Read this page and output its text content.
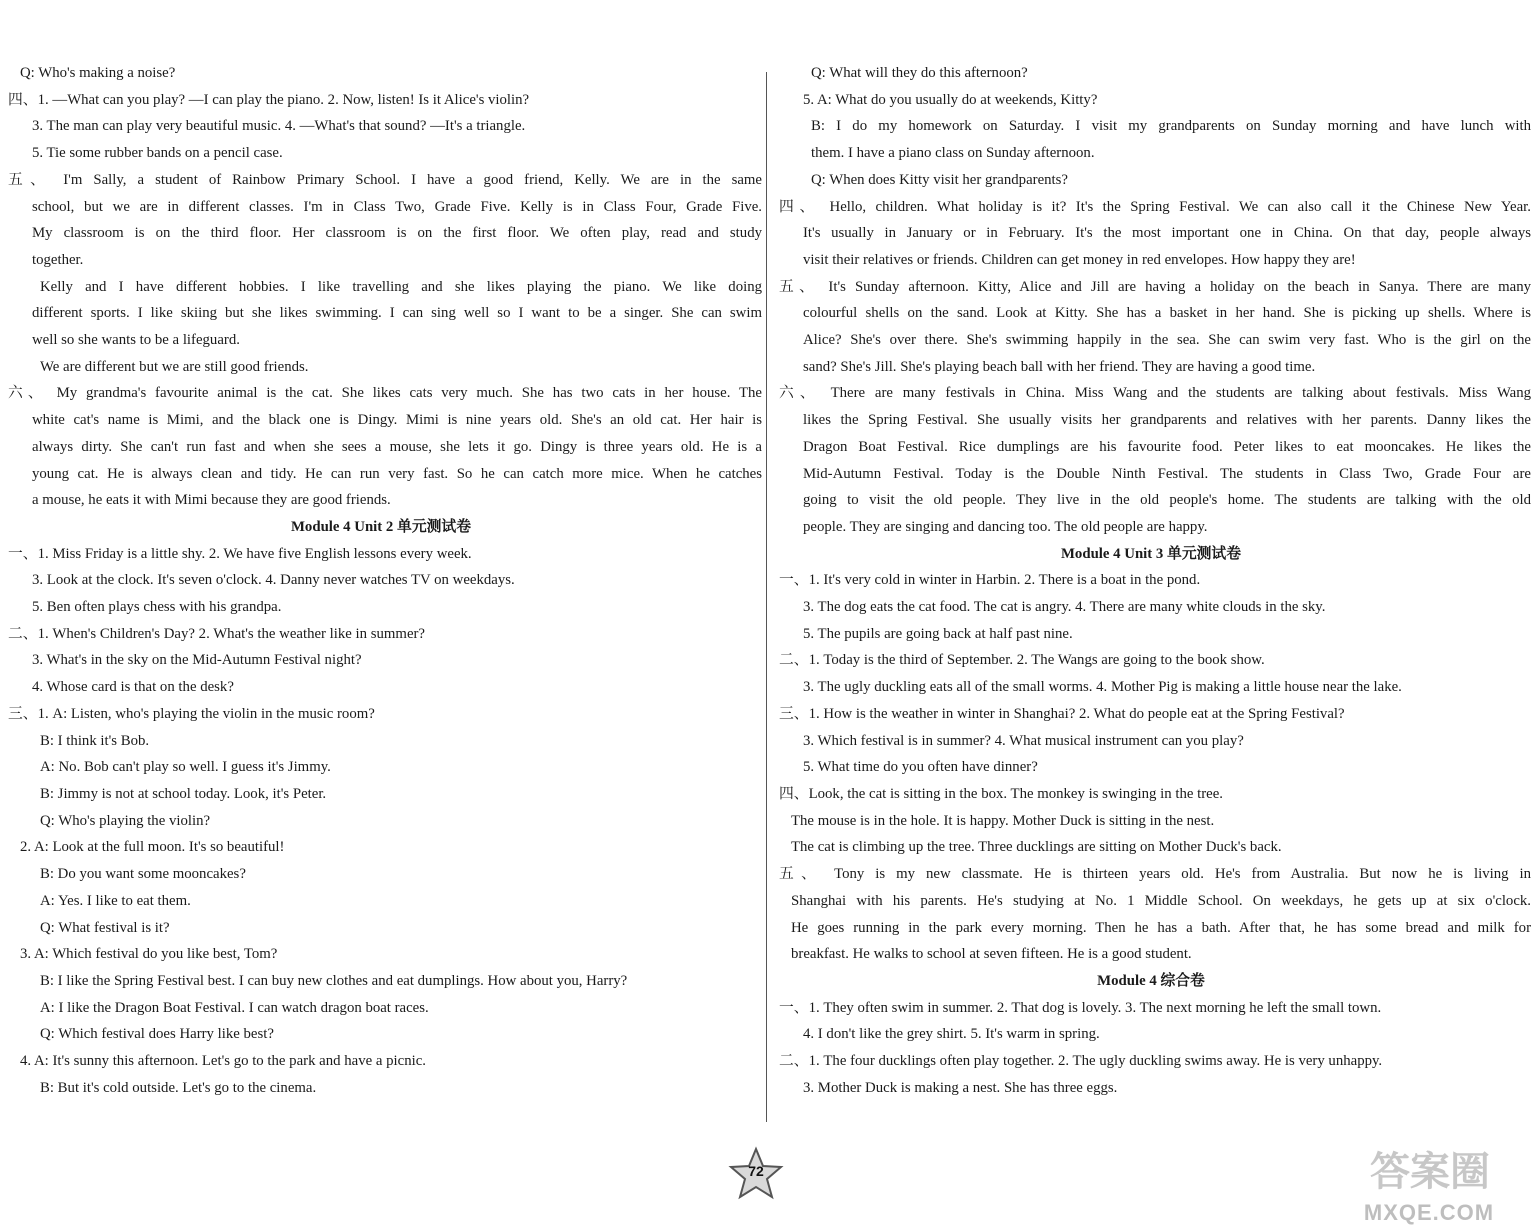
Q: Who's making a noise?
四、1. —What can you play? —I can play the piano. 2. Now, listen! Is it Alice's violin?
3. The man can play very beautiful music. 4. —What's that sound? —It's a triangle.
5. Tie some rubber bands on a pencil case.
五、 I'm Sally, a student of Rainbow Primary School. I have a good friend, Kelly. We are in the same
school, but we are in different classes. I'm in Class Two, Grade Five. Kelly is in Class Four, Grade Five.
My classroom is on the third floor. Her classroom is on the first floor. We often play, read and study
together.
Kelly and I have different hobbies. I like travelling and she likes playing the piano. We like doing
different sports. I like skiing but she likes swimming. I can sing well so I want to be a singer. She can swim
well so she wants to be a lifeguard.
We are different but we are still good friends.
六、 My grandma's favourite animal is the cat. She likes cats very much. She has two cats in her house. The
white cat's name is Mimi, and the black one is Dingy. Mimi is nine years old. She's an old cat. Her hair is
always dirty. She can't run fast and when she sees a mouse, she lets it go. Dingy is three years old. He is a
young cat. He is always clean and tidy. He can run very fast. So he can catch more mice. When he catches
a mouse, he eats it with Mimi because they are good friends.
Module 4 Unit 2 单元测试卷
一、1. Miss Friday is a little shy. 2. We have five English lessons every week.
3. Look at the clock. It's seven o'clock. 4. Danny never watches TV on weekdays.
5. Ben often plays chess with his grandpa.
二、1. When's Children's Day? 2. What's the weather like in summer?
3. What's in the sky on the Mid-Autumn Festival night?
4. Whose card is that on the desk?
三、1. A: Listen, who's playing the violin in the music room?
B: I think it's Bob.
A: No. Bob can't play so well. I guess it's Jimmy.
B: Jimmy is not at school today. Look, it's Peter.
Q: Who's playing the violin?
2. A: Look at the full moon. It's so beautiful!
B: Do you want some mooncakes?
A: Yes. I like to eat them.
Q: What festival is it?
3. A: Which festival do you like best, Tom?
B: I like the Spring Festival best. I can buy new clothes and eat dumplings. How about you, Harry?
A: I like the Dragon Boat Festival. I can watch dragon boat races.
Q: Which festival does Harry like best?
4. A: It's sunny this afternoon. Let's go to the park and have a picnic.
B: But it's cold outside. Let's go to the cinema.
Q: What will they do this afternoon?
5. A: What do you usually do at weekends, Kitty?
B: I do my homework on Saturday. I visit my grandparents on Sunday morning and have lunch with
them. I have a piano class on Sunday afternoon.
Q: When does Kitty visit her grandparents?
四、 Hello, children. What holiday is it? It's the Spring Festival. We can also call it the Chinese New Year.
It's usually in January or in February. It's the most important one in China. On that day, people always
visit their relatives or friends. Children can get money in red envelopes. How happy they are!
五、 It's Sunday afternoon. Kitty, Alice and Jill are having a holiday on the beach in Sanya. There are many
colourful shells on the sand. Look at Kitty. She has a basket in her hand. She is picking up shells. Where is
Alice? She's over there. She's swimming happily in the sea. She can swim very fast. Who is the girl on the
sand? She's Jill. She's playing beach ball with her friend. They are having a good time.
六、 There are many festivals in China. Miss Wang and the students are talking about festivals. Miss Wang
likes the Spring Festival. She usually visits her grandparents and relatives with her parents. Danny likes the
Dragon Boat Festival. Rice dumplings are his favourite food. Peter likes to eat mooncakes. He likes the
Mid-Autumn Festival. Today is the Double Ninth Festival. The students in Class Two, Grade Four are
going to visit the old people. They live in the old people's home. The students are talking with the old
people. They are singing and dancing too. The old people are happy.
Module 4 Unit 3 单元测试卷
一、1. It's very cold in winter in Harbin. 2. There is a boat in the pond.
3. The dog eats the cat food. The cat is angry. 4. There are many white clouds in the sky.
5. The pupils are going back at half past nine.
二、1. Today is the third of September. 2. The Wangs are going to the book show.
3. The ugly duckling eats all of the small worms. 4. Mother Pig is making a little house near the lake.
三、1. How is the weather in winter in Shanghai? 2. What do people eat at the Spring Festival?
3. Which festival is in summer? 4. What musical instrument can you play?
5. What time do you often have dinner?
四、Look, the cat is sitting in the box. The monkey is swinging in the tree.
The mouse is in the hole. It is happy. Mother Duck is sitting in the nest.
The cat is climbing up the tree. Three ducklings are sitting on Mother Duck's back.
五、 Tony is my new classmate. He is thirteen years old. He's from Australia. But now he is living in
Shanghai with his parents. He's studying at No. 1 Middle School. On weekdays, he gets up at six o'clock.
He goes running in the park every morning. Then he has a bath. After that, he has some bread and milk for
breakfast. He walks to school at seven fifteen. He is a good student.
Module 4 综合卷
一、1. They often swim in summer. 2. That dog is lovely. 3. The next morning he left the small town.
4. I don't like the grey shirt. 5. It's warm in spring.
二、1. The four ducklings often play together. 2. The ugly duckling swims away. He is very unhappy.
3. Mother Duck is making a nest. She has three eggs.
72	答案圈
MXQE.COM
